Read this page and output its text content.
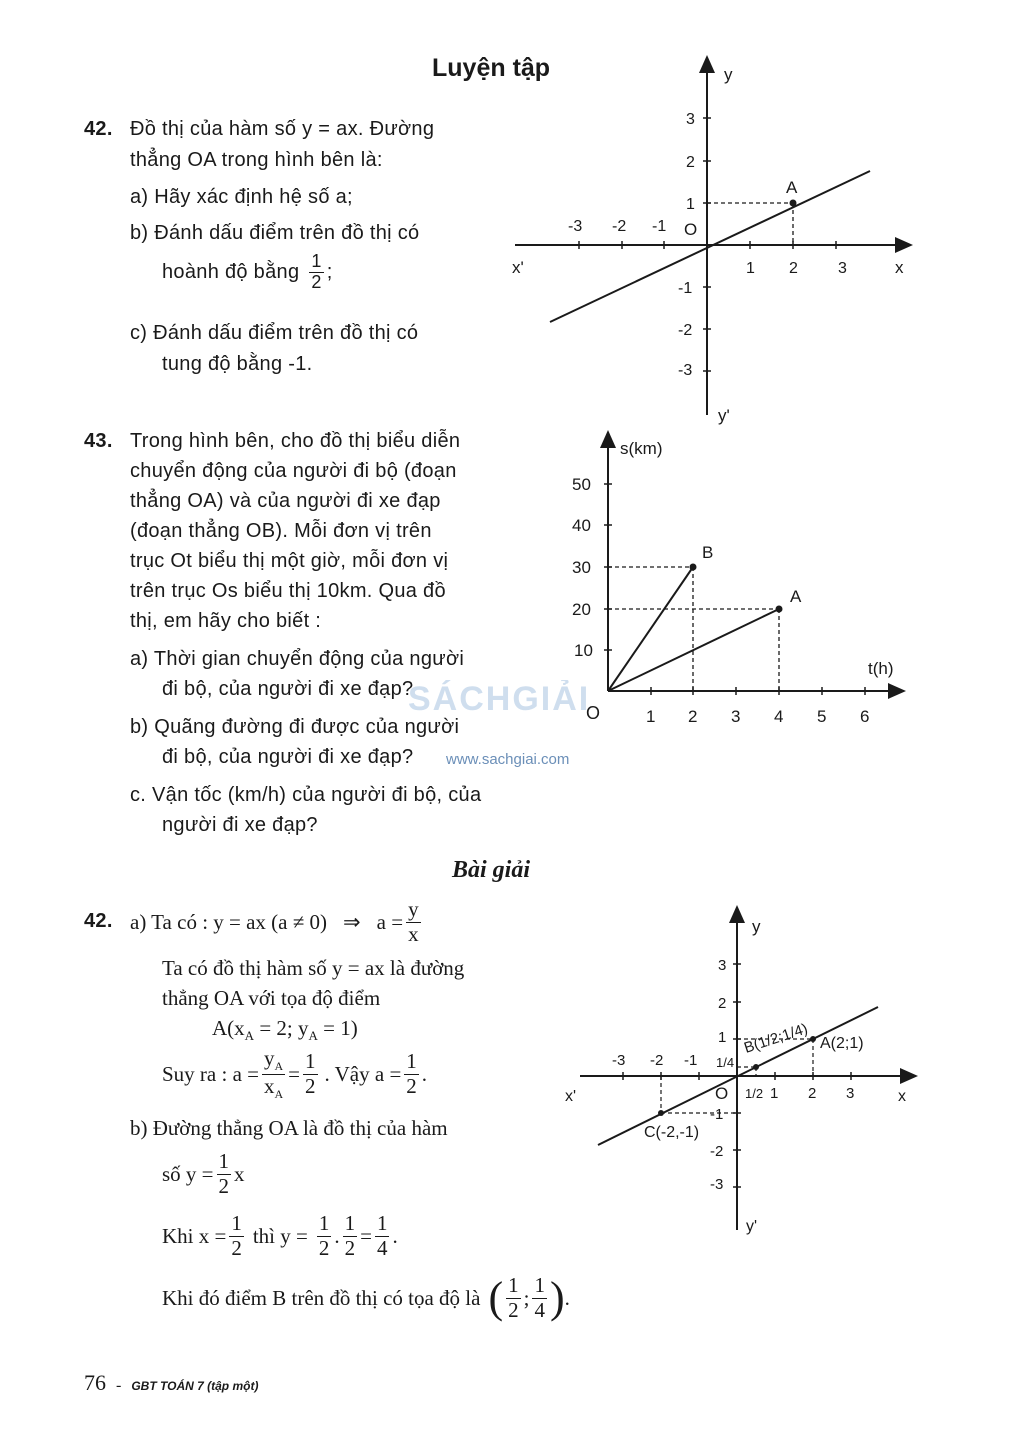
Luyện tập
42. Đồ thị của hàm số y = ax. Đường
thẳng OA trong hình bên là:
a) Hãy xác định hệ số a;
b) Đánh dấu điểm trên đồ thị có
hoành độ bằng $\frac{1}{2}$ ;
c) Đánh dấu điểm trên đồ thị có
tung độ bằng -1.
A
y
y'
x
x'
O
-3 -2 -1
1 2	3
3
2
1
-1
-2
-3
43. Trong hình bên, cho đồ thị biểu diễn
chuyển động của người đi bộ (đoạn
thẳng OA) và của người đi xe đạp
(đoạn thẳng OB). Mỗi đơn vị trên
trục Ot biểu thị một giờ, mỗi đơn vị
trên trục Os biểu thị 10km. Qua đồ
thị, em hãy cho biết :
a) Thời gian chuyển động của người
đi bộ, của người đi xe đạp?
b) Quãng đường đi được của người
đi bộ, của người đi xe đạp?
c. Vận tốc (km/h) của người đi bộ, của
người đi xe đạp?
B
A
s(km)
t(h)
O
50
40
30
20
10
1 2 3 4 5 6
SÁCHGIẢI
www.sachgiai.com
Bài giải
42. a) Ta có : y = ax (a ≠ 0) ⇒ $a = \frac{y}{x}$
Ta có đồ thị hàm số y = ax là đường
thẳng OA với tọa độ điểm
$A(x_A = 2$; $y_A = 1$)
Suy ra : $a = \frac{y_A}{x_A} = \frac{1}{2}$ . Vậy $a = \frac{1}{2}$ .
b) Đường thẳng OA là đồ thị của hàm
số $y = \frac{1}{2}$ x
Khi $x = \frac{1}{2}$ thì $y = \frac{1}{2}$ . $\frac{1}{2} = \frac{1}{4}$ .
Khi đó điểm B trên đồ thị có tọa độ là ( $\frac{1}{2}$ ; $\frac{1}{4}$ ) .
B(1/2;1/4) A(2;1)
C(-2,-1)
y
y'
x
x'	O
-3 -2 -1 1/4
1/2 1 2 3
3
2
1
-1
-2
-3
76 - GBT TOÁN 7 (tập một)
